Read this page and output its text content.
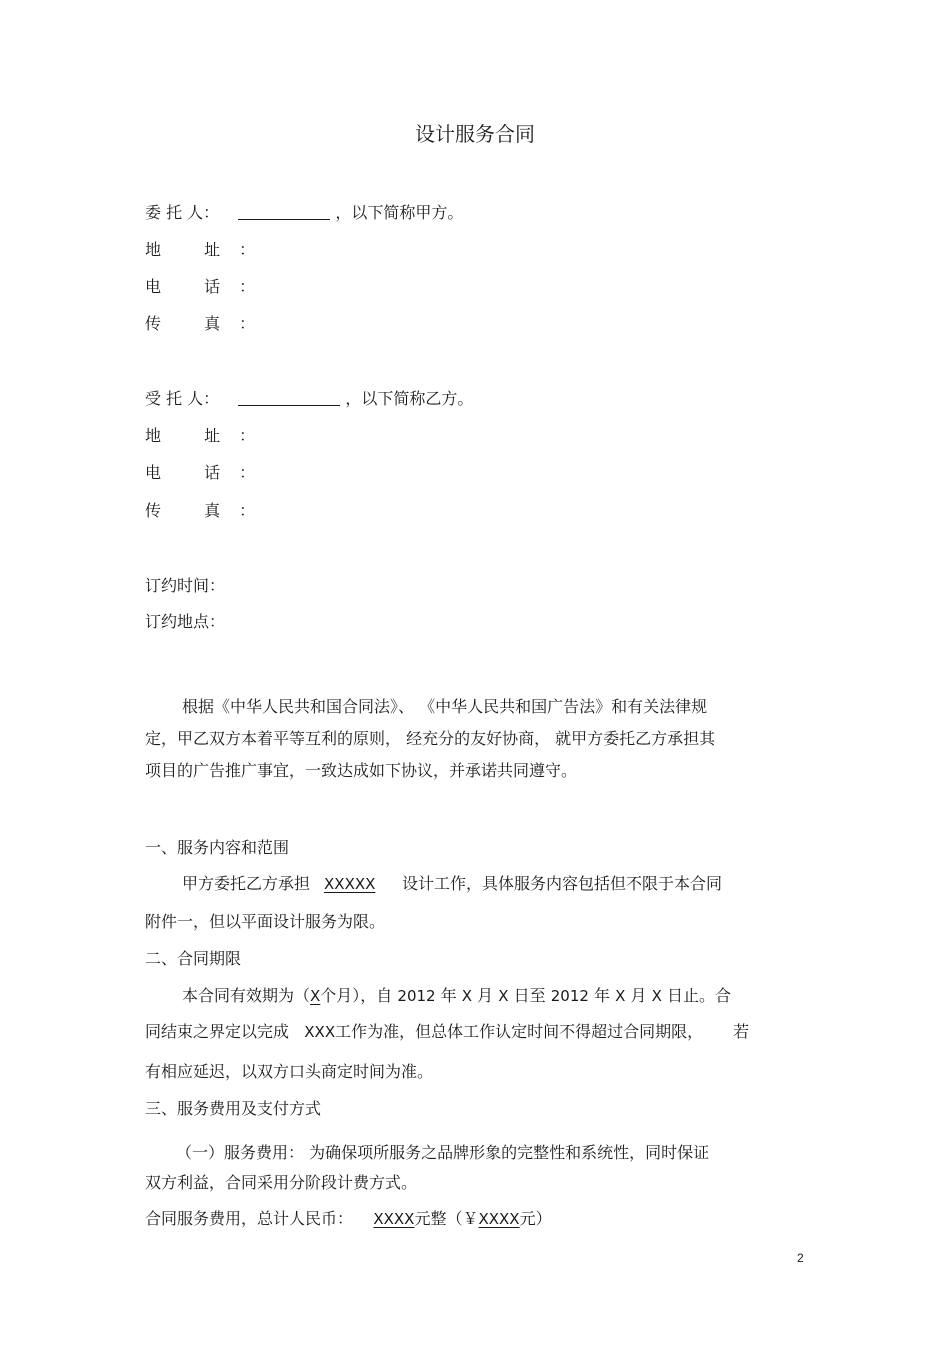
设计服务合同
委 托 人：	，以下简称甲方。
地 址：
电 话：
传 真：
受 托 人：	，以下简称乙方。
地 址：
电 话：
传 真：
订约时间：
订约地点：
根据《中华人民共和国合同法》、 《中华人民共和国广告法》和有关法律规
定，甲乙双方本着平等互利的原则， 经充分的友好协商， 就甲方委托乙方承担其
项目的广告推广事宜，一致达成如下协议，并承诺共同遵守。
一、服务内容和范围
甲方委托乙方承担 XXXXX 设计工作，具体服务内容包括但不限于本合同
附件一，但以平面设计服务为限。
二、合同期限
本合同有效期为（X个月），自 2012 年 X 月 X 日至 2012 年 X 月 X 日止。合
同结束之界定以完成 XXX工作为准，但总体工作认定时间不得超过合同期限， 若
有相应延迟，以双方口头商定时间为准。
三、服务费用及支付方式
（一）服务费用： 为确保项所服务之品牌形象的完整性和系统性，同时保证
双方利益，合同采用分阶段计费方式。
合同服务费用，总计人民币： XXXX元整（￥XXXX元）
2
